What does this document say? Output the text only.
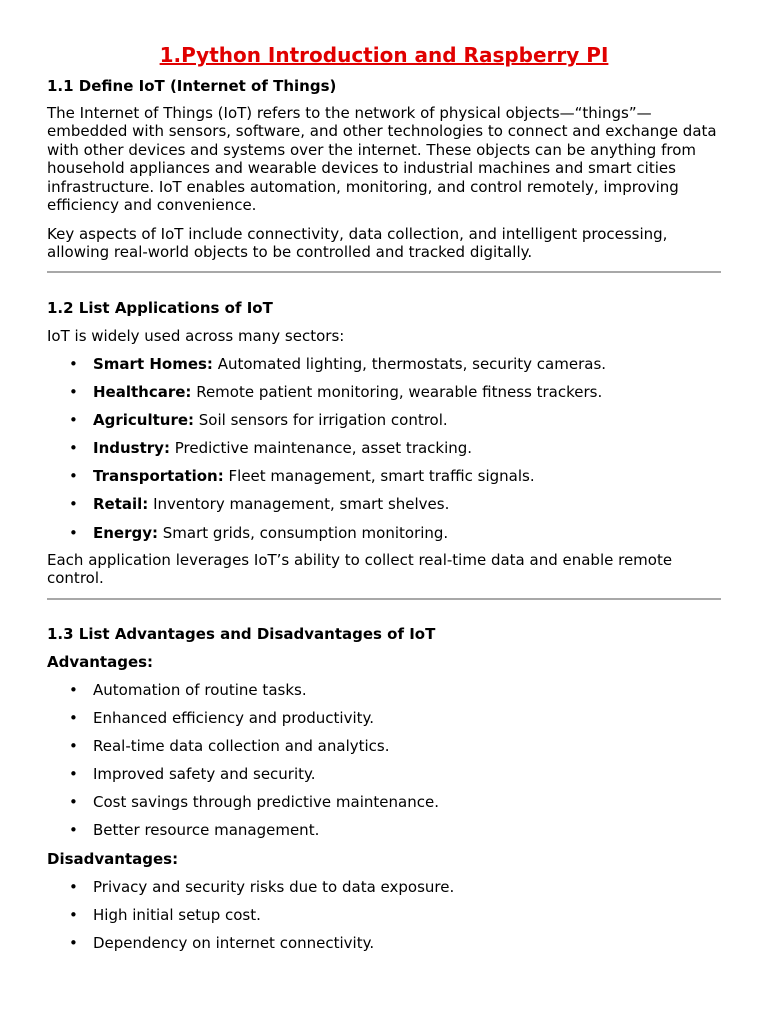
1.Python Introduction and Raspberry PI
1.1 Define IoT (Internet of Things)

The Internet of Things (IoT) refers to the network of physical objects—“things”— embedded with sensors, software, and other technologies to connect and exchange data with other devices and systems over the internet. These objects can be anything from household appliances and wearable devices to industrial machines and smart cities infrastructure. IoT enables automation, monitoring, and control remotely, improving efficiency and convenience.

Key aspects of IoT include connectivity, data collection, and intelligent processing, allowing real-world objects to be controlled and tracked digitally.

1.2 List Applications of IoT
IoT is widely used across many sectors:
• Smart Homes: Automated lighting, thermostats, security cameras.
• Healthcare: Remote patient monitoring, wearable fitness trackers.
• Agriculture: Soil sensors for irrigation control.
• Industry: Predictive maintenance, asset tracking.
• Transportation: Fleet management, smart traffic signals.
• Retail: Inventory management, smart shelves.
• Energy: Smart grids, consumption monitoring.

Each application leverages IoT’s ability to collect real-time data and enable remote control.

1.3 List Advantages and Disadvantages of IoT
Advantages:
• Automation of routine tasks.
• Enhanced efficiency and productivity.
• Real-time data collection and analytics.
• Improved safety and security.
• Cost savings through predictive maintenance.
• Better resource management.
Disadvantages:
• Privacy and security risks due to data exposure.
• High initial setup cost.
• Dependency on internet connectivity.
